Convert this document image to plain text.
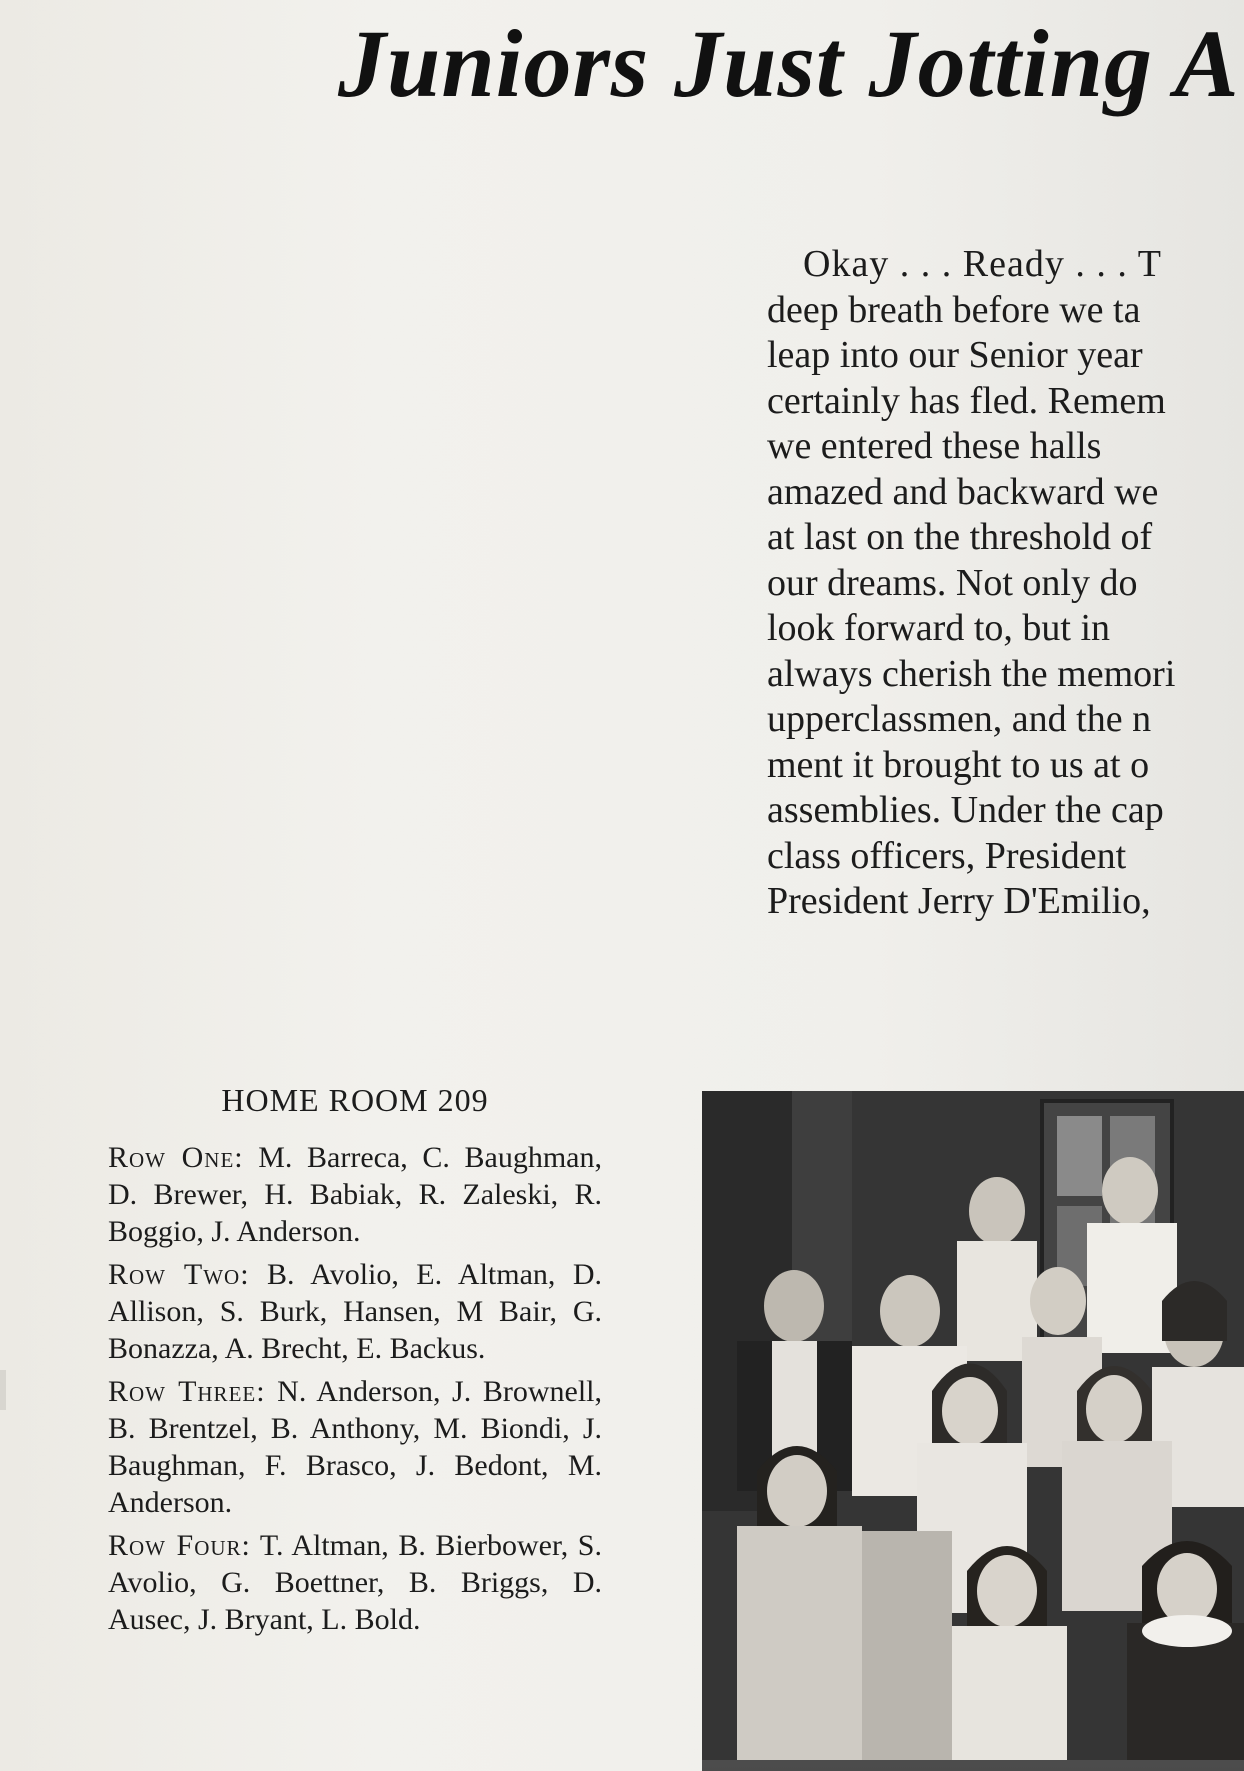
Juniors Just Jotting A
Okay . . . Ready . . . T
deep breath before we ta
leap into our Senior year
certainly has fled. Remem
we entered these halls
amazed and backward we
at last on the threshold of
our dreams. Not only do
look forward to, but in
always cherish the memori
upperclassmen, and the n
ment it brought to us at o
assemblies. Under the cap
class officers, President
President Jerry D'Emilio,

HOME ROOM 209

Row One: M. Barreca, C. Baughman, D. Brewer, H. Babiak, R. Zaleski, R. Boggio, J. Anderson.

Row Two: B. Avolio, E. Altman, D. Allison, S. Burk, Hansen, M Bair, G. Bonazza, A. Brecht, E. Backus.

Row Three: N. Anderson, J. Brownell, B. Brentzel, B. Anthony, M. Biondi, J. Baughman, F. Brasco, J. Bedont, M. Anderson.

Row Four: T. Altman, B. Bierbower, S. Avolio, G. Boettner, B. Briggs, D. Ausec, J. Bryant, L. Bold.
